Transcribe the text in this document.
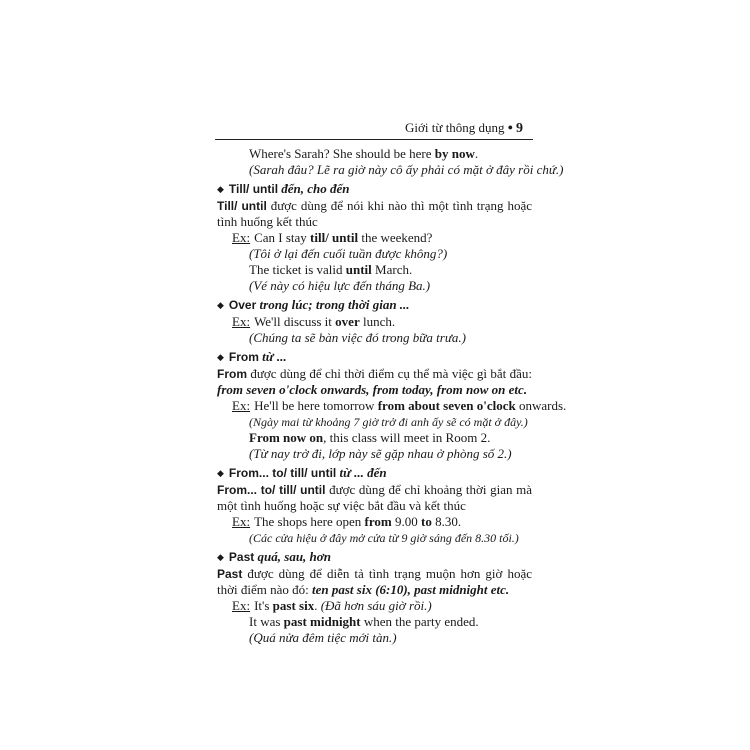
Giới từ thông dụng ● 9
Where's Sarah? She should be here by now.
(Sarah đâu? Lẽ ra giờ này cô ấy phải có mặt ở đây rồi chứ.)
◆ Till/ until đến, cho đến
Till/ until được dùng để nói khi nào thì một tình trạng hoặc tình huống kết thúc
Ex: Can I stay till/ until the weekend?
(Tôi ở lại đến cuối tuần được không?)
The ticket is valid until March.
(Vé này có hiệu lực đến tháng Ba.)
◆ Over trong lúc; trong thời gian ...
Ex: We'll discuss it over lunch.
(Chúng ta sẽ bàn việc đó trong bữa trưa.)
◆ From từ ...
From được dùng để chỉ thời điểm cụ thể mà việc gì bắt đầu: from seven o'clock onwards, from today, from now on etc.
Ex: He'll be here tomorrow from about seven o'clock onwards.
(Ngày mai từ khoảng 7 giờ trở đi anh ấy sẽ có mặt ở đây.)
From now on, this class will meet in Room 2.
(Từ nay trở đi, lớp này sẽ gặp nhau ở phòng số 2.)
◆ From... to/ till/ until từ ... đến
From... to/ till/ until được dùng để chỉ khoảng thời gian mà một tình huống hoặc sự việc bắt đầu và kết thúc
Ex: The shops here open from 9.00 to 8.30.
(Các cửa hiệu ở đây mở cửa từ 9 giờ sáng đến 8.30 tối.)
◆ Past quá, sau, hơn
Past được dùng để diễn tả tình trạng muộn hơn giờ hoặc thời điểm nào đó: ten past six (6:10), past midnight etc.
Ex: It's past six. (Đã hơn sáu giờ rồi.)
It was past midnight when the party ended.
(Quá nửa đêm tiệc mới tàn.)
